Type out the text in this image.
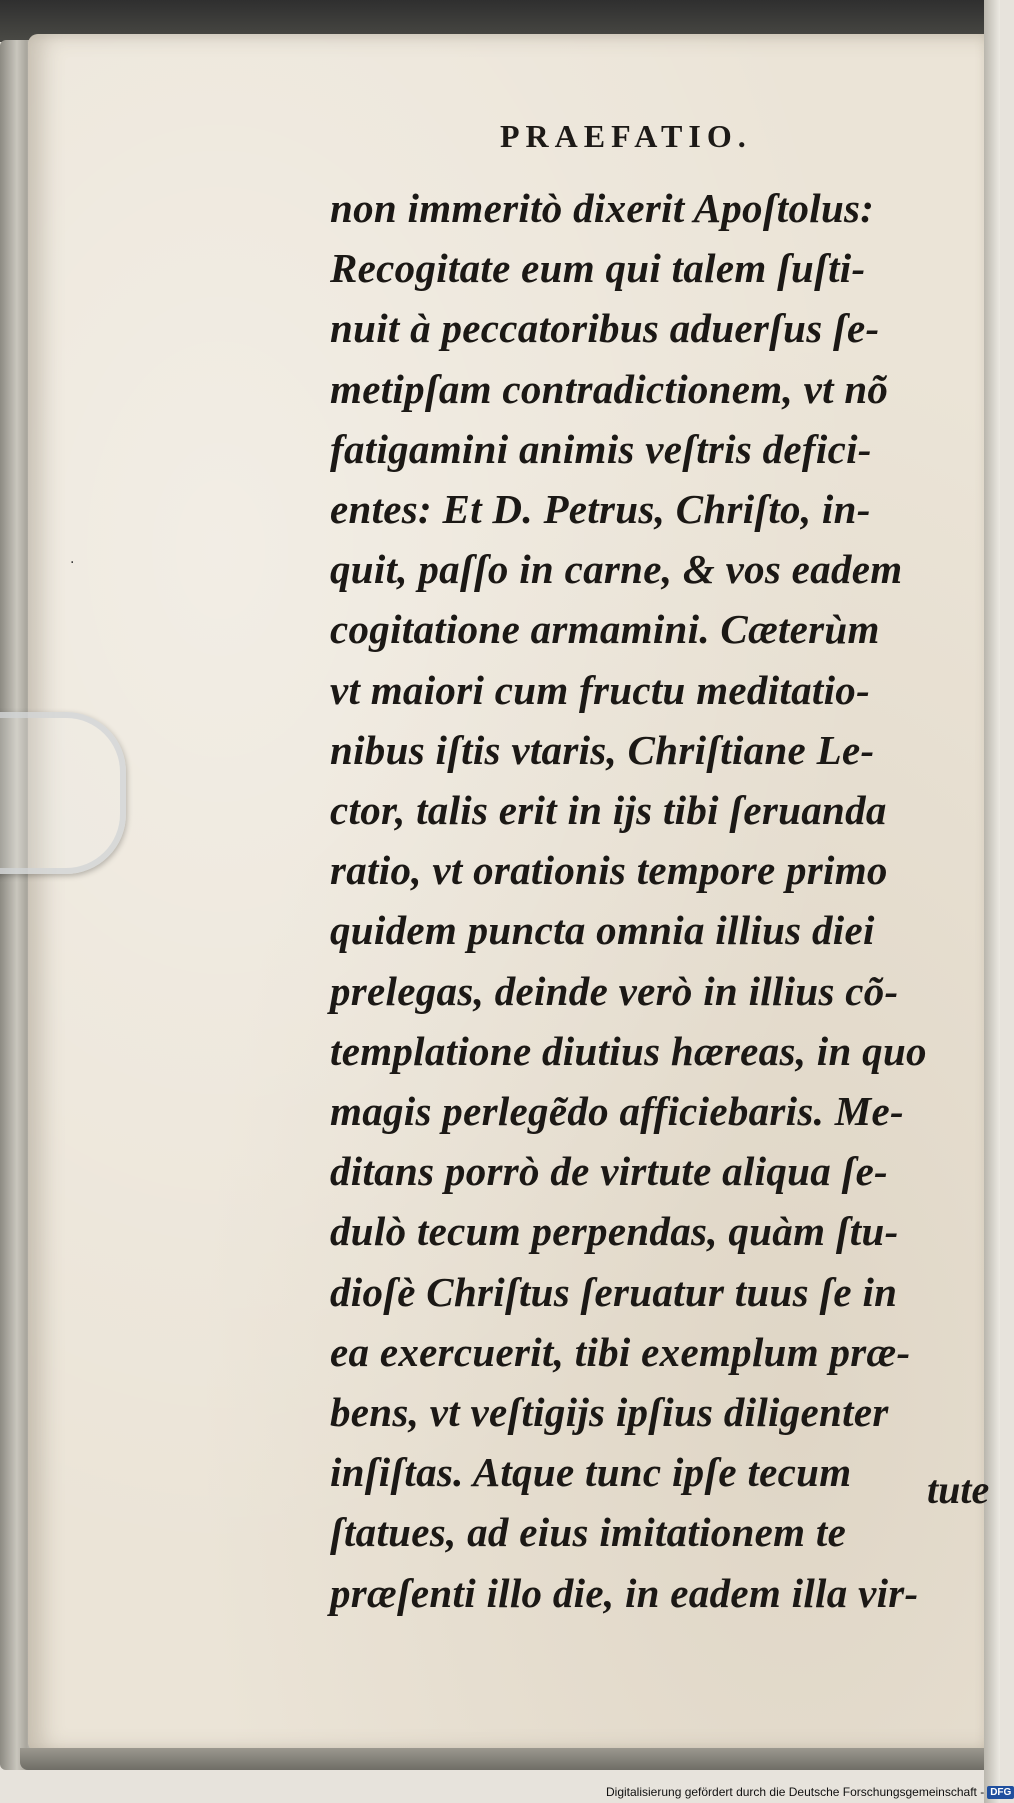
·
PRAEFATIO.
non immeritò dixerit Apoſtolus:
Recogitate eum qui talem ſuſti-
nuit à peccatoribus aduerſus ſe-
metipſam contradictionem, vt nõ
fatigamini animis veſtris defici-
entes: Et D. Petrus, Chriſto, in-
quit, paſſo in carne, & vos eadem
cogitatione armamini. Cæterùm
vt maiori cum fructu meditatio-
nibus iſtis vtaris, Chriſtiane Le-
ctor, talis erit in ijs tibi ſeruanda
ratio, vt orationis tempore primo
quidem puncta omnia illius diei
prelegas, deinde verò in illius cõ-
templatione diutius hæreas, in quo
magis perlegẽdo afficiebaris. Me-
ditans porrò de virtute aliqua ſe-
dulò tecum perpendas, quàm ſtu-
dioſè Chriſtus ſeruatur tuus ſe in
ea exercuerit, tibi exemplum præ-
bens, vt veſtigijs ipſius diligenter
inſiſtas. Atque tunc ipſe tecum
ſtatues, ad eius imitationem te
præſenti illo die, in eadem illa vir-
tute
Digitalisierung gefördert durch die Deutsche Forschungsgemeinschaft - DFG
